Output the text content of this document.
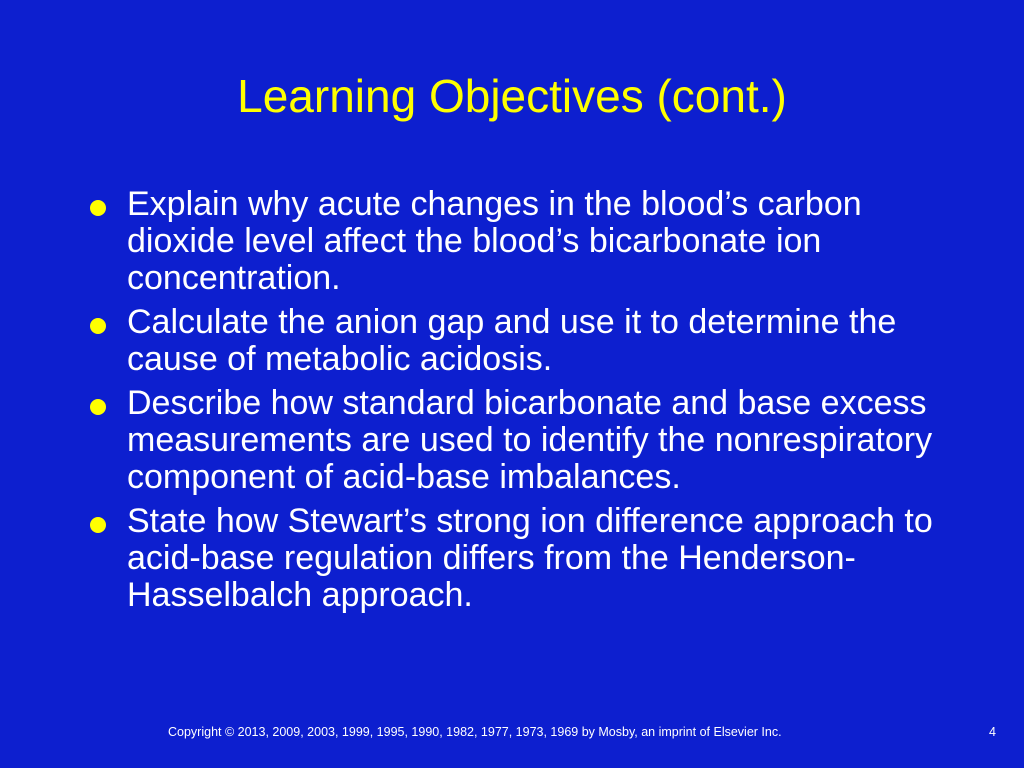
Learning Objectives (cont.)
Explain why acute changes in the blood’s carbon dioxide level affect the blood’s bicarbonate ion concentration.
Calculate the anion gap and use it to determine the cause of metabolic acidosis.
Describe how standard bicarbonate and base excess measurements are used to identify the nonrespiratory component of acid-base imbalances.
State how Stewart’s strong ion difference approach to acid-base regulation differs from the Henderson-Hasselbalch approach.
Copyright © 2013, 2009, 2003, 1999, 1995, 1990, 1982, 1977, 1973, 1969 by Mosby, an imprint of Elsevier Inc.	4
